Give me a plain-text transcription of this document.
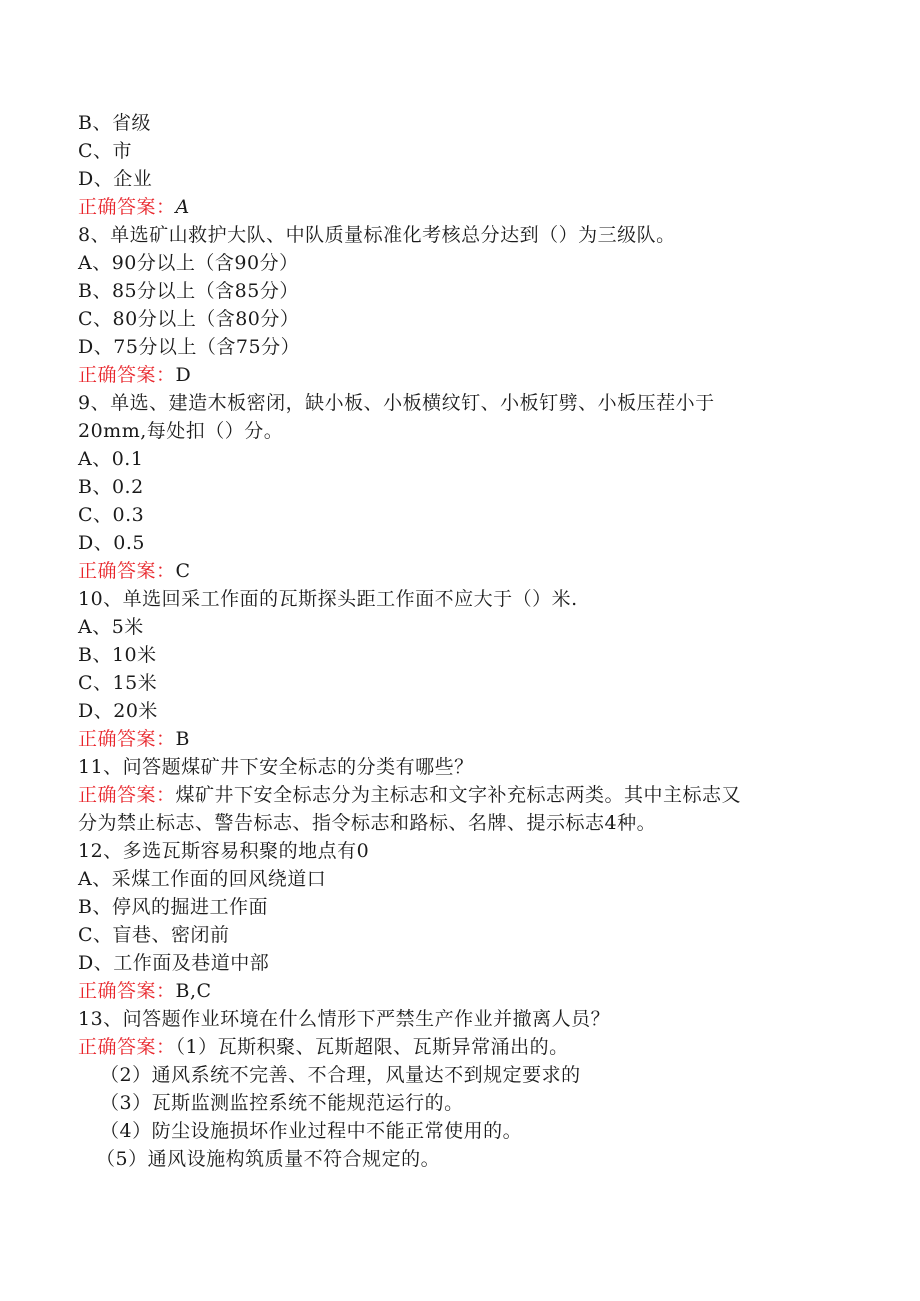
B、省级
C、市
D、企业
正确答案：A
8、单选矿山救护大队、中队质量标准化考核总分达到（）为三级队。
A、90分以上（含90分）
B、85分以上（含85分）
C、80分以上（含80分）
D、75分以上（含75分）
正确答案：D
9、单选、建造木板密闭，缺小板、小板横纹钉、小板钉劈、小板压茬小于
20mm,每处扣（）分。
A、0.1
B、0.2
C、0.3
D、0.5
正确答案：C
10、单选回采工作面的瓦斯探头距工作面不应大于（）米.
A、5米
B、10米
C、15米
D、20米
正确答案：B
11、问答题煤矿井下安全标志的分类有哪些？
正确答案：煤矿井下安全标志分为主标志和文字补充标志两类。其中主标志又
分为禁止标志、警告标志、指令标志和路标、名牌、提示标志4种。
12、多选瓦斯容易积聚的地点有0
A、采煤工作面的回风绕道口
B、停风的掘进工作面
C、盲巷、密闭前
D、工作面及巷道中部
正确答案：B,C
13、问答题作业环境在什么情形下严禁生产作业并撤离人员？
正确答案：（1）瓦斯积聚、瓦斯超限、瓦斯异常涌出的。
（2）通风系统不完善、不合理，风量达不到规定要求的
（3）瓦斯监测监控系统不能规范运行的。
（4）防尘设施损坏作业过程中不能正常使用的。
（5）通风设施构筑质量不符合规定的。
